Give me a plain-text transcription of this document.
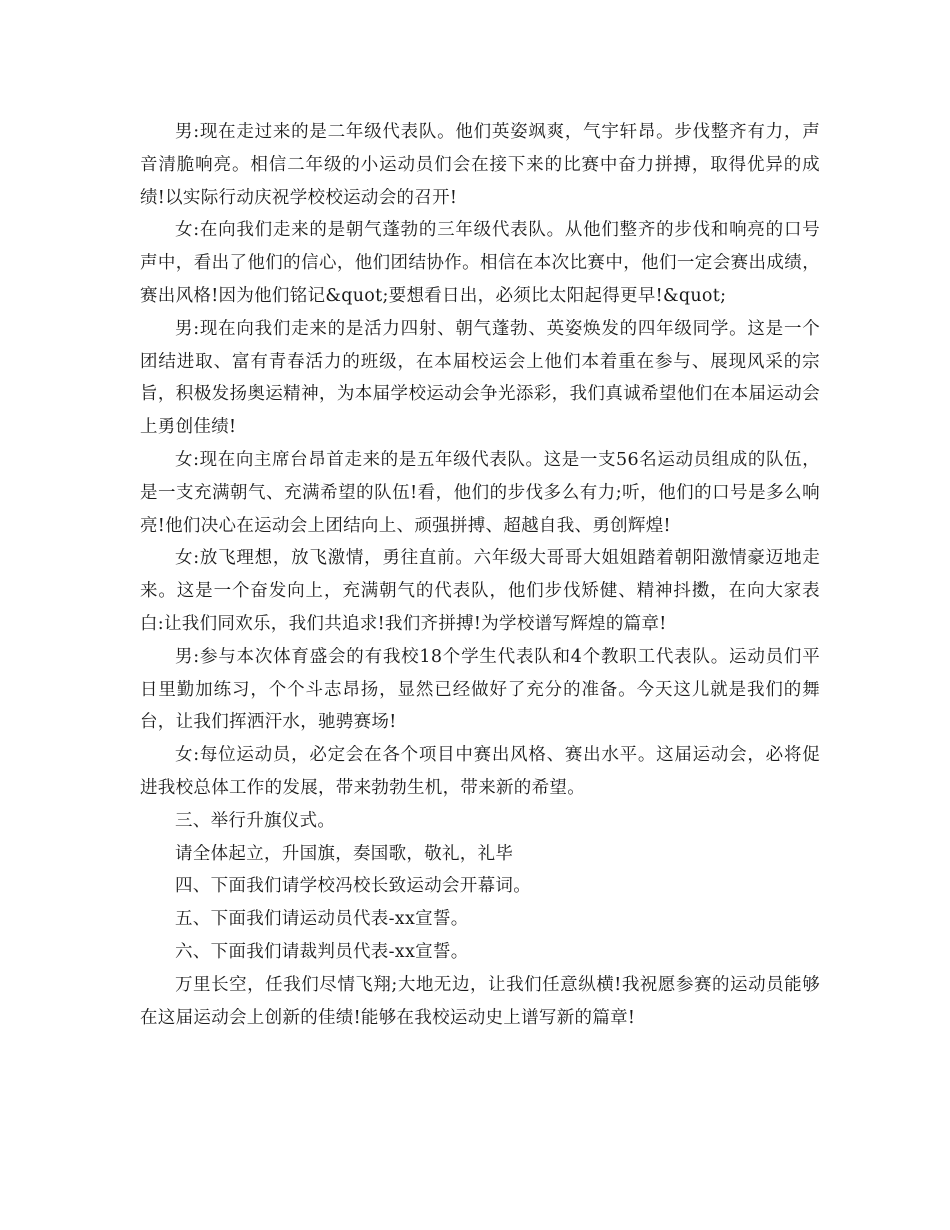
男:现在走过来的是二年级代表队。他们英姿飒爽，气宇轩昂。步伐整齐有力，声音清脆响亮。相信二年级的小运动员们会在接下来的比赛中奋力拼搏，取得优异的成绩!以实际行动庆祝学校校运动会的召开!

女:在向我们走来的是朝气蓬勃的三年级代表队。从他们整齐的步伐和响亮的口号声中，看出了他们的信心，他们团结协作。相信在本次比赛中，他们一定会赛出成绩，赛出风格!因为他们铭记&quot;要想看日出，必须比太阳起得更早!&quot;

男:现在向我们走来的是活力四射、朝气蓬勃、英姿焕发的四年级同学。这是一个团结进取、富有青春活力的班级，在本届校运会上他们本着重在参与、展现风采的宗旨，积极发扬奥运精神，为本届学校运动会争光添彩，我们真诚希望他们在本届运动会上勇创佳绩!

女:现在向主席台昂首走来的是五年级代表队。这是一支56名运动员组成的队伍，是一支充满朝气、充满希望的队伍!看，他们的步伐多么有力;听，他们的口号是多么响亮!他们决心在运动会上团结向上、顽强拼搏、超越自我、勇创辉煌!

女:放飞理想，放飞激情，勇往直前。六年级大哥哥大姐姐踏着朝阳激情豪迈地走来。这是一个奋发向上，充满朝气的代表队，他们步伐矫健、精神抖擞，在向大家表白:让我们同欢乐，我们共追求!我们齐拼搏!为学校谱写辉煌的篇章!

男:参与本次体育盛会的有我校18个学生代表队和4个教职工代表队。运动员们平日里勤加练习，个个斗志昂扬，显然已经做好了充分的准备。今天这儿就是我们的舞台，让我们挥洒汗水，驰骋赛场!

女:每位运动员，必定会在各个项目中赛出风格、赛出水平。这届运动会，必将促进我校总体工作的发展，带来勃勃生机，带来新的希望。

三、举行升旗仪式。

请全体起立，升国旗，奏国歌，敬礼，礼毕

四、下面我们请学校冯校长致运动会开幕词。

五、下面我们请运动员代表-xx宣誓。

六、下面我们请裁判员代表-xx宣誓。

万里长空，任我们尽情飞翔;大地无边，让我们任意纵横!我祝愿参赛的运动员能够在这届运动会上创新的佳绩!能够在我校运动史上谱写新的篇章!
